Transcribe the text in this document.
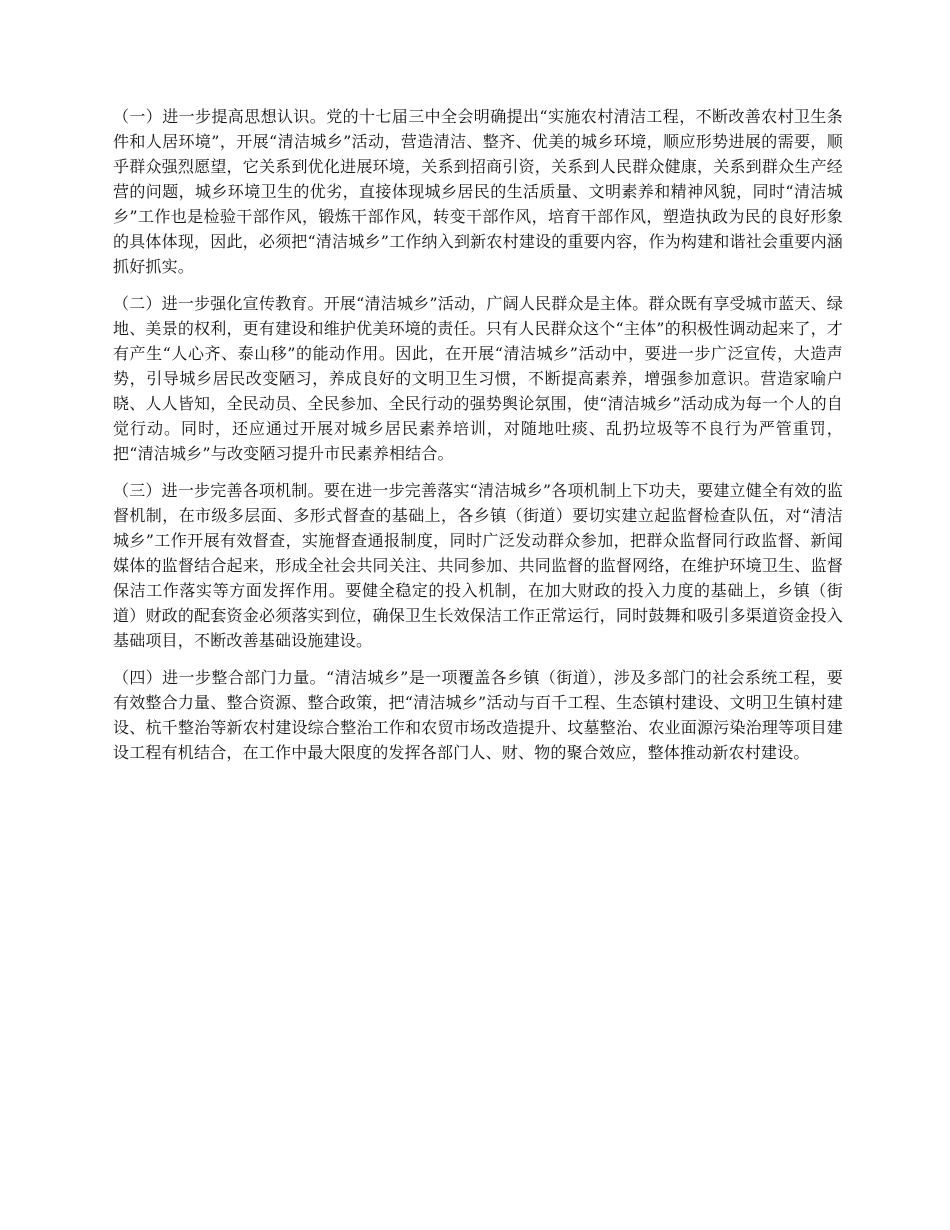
（一）进一步提高思想认识。党的十七届三中全会明确提出“实施农村清洁工程，不断改善农村卫生条件和人居环境”，开展“清洁城乡”活动，营造清洁、整齐、优美的城乡环境，顺应形势进展的需要，顺乎群众强烈愿望，它关系到优化进展环境，关系到招商引资，关系到人民群众健康，关系到群众生产经营的问题，城乡环境卫生的优劣，直接体现城乡居民的生活质量、文明素养和精神风貌，同时“清洁城乡”工作也是检验干部作风，锻炼干部作风，转变干部作风，培育干部作风，塑造执政为民的良好形象的具体体现，因此，必须把“清洁城乡”工作纳入到新农村建设的重要内容，作为构建和谐社会重要内涵抓好抓实。

（二）进一步强化宣传教育。开展“清洁城乡”活动，广阔人民群众是主体。群众既有享受城市蓝天、绿地、美景的权利，更有建设和维护优美环境的责任。只有人民群众这个“主体”的积极性调动起来了，才有产生“人心齐、泰山移”的能动作用。因此，在开展“清洁城乡”活动中，要进一步广泛宣传，大造声势，引导城乡居民改变陋习，养成良好的文明卫生习惯，不断提高素养，增强参加意识。营造家喻户晓、人人皆知，全民动员、全民参加、全民行动的强势舆论氛围，使“清洁城乡”活动成为每一个人的自觉行动。同时，还应通过开展对城乡居民素养培训，对随地吐痰、乱扔垃圾等不良行为严管重罚，把“清洁城乡”与改变陋习提升市民素养相结合。

（三）进一步完善各项机制。要在进一步完善落实“清洁城乡”各项机制上下功夫，要建立健全有效的监督机制，在市级多层面、多形式督查的基础上，各乡镇（街道）要切实建立起监督检查队伍，对“清洁城乡”工作开展有效督查，实施督查通报制度，同时广泛发动群众参加，把群众监督同行政监督、新闻媒体的监督结合起来，形成全社会共同关注、共同参加、共同监督的监督网络，在维护环境卫生、监督保洁工作落实等方面发挥作用。要健全稳定的投入机制，在加大财政的投入力度的基础上，乡镇（街道）财政的配套资金必须落实到位，确保卫生长效保洁工作正常运行，同时鼓舞和吸引多渠道资金投入基础项目，不断改善基础设施建设。

（四）进一步整合部门力量。“清洁城乡”是一项覆盖各乡镇（街道），涉及多部门的社会系统工程，要有效整合力量、整合资源、整合政策，把“清洁城乡”活动与百千工程、生态镇村建设、文明卫生镇村建设、杭千整治等新农村建设综合整治工作和农贸市场改造提升、坟墓整治、农业面源污染治理等项目建设工程有机结合，在工作中最大限度的发挥各部门人、财、物的聚合效应，整体推动新农村建设。
